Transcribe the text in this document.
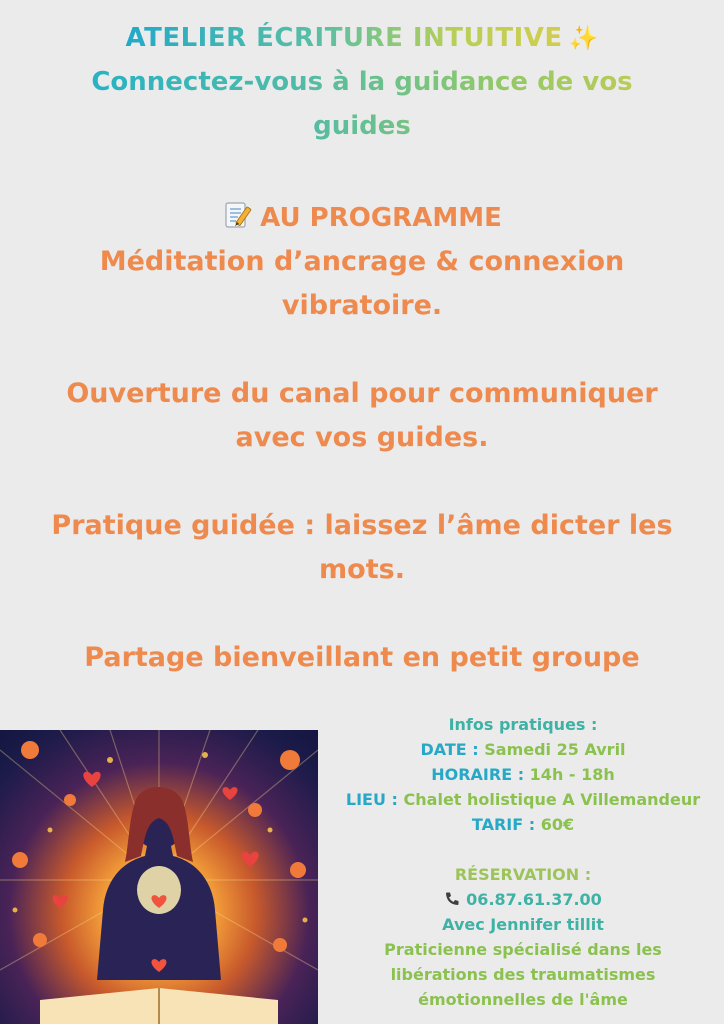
ATELIER ÉCRITURE INTUITIVE ✨
Connectez-vous à la guidance de vos guides
AU PROGRAMME
Méditation d’ancrage & connexion vibratoire.
Ouverture du canal pour communiquer avec vos guides.
Pratique guidée : laissez l’âme dicter les mots.
Partage bienveillant en petit groupe
Infos pratiques :
DATE : Samedi 25 Avril
HORAIRE : 14h - 18h
LIEU : Chalet holistique A Villemandeur
TARIF : 60€
RÉSERVATION :
06.87.61.37.00
Avec Jennifer tillit
Praticienne spécialisé dans les libérations des traumatismes émotionnelles de l'âme
